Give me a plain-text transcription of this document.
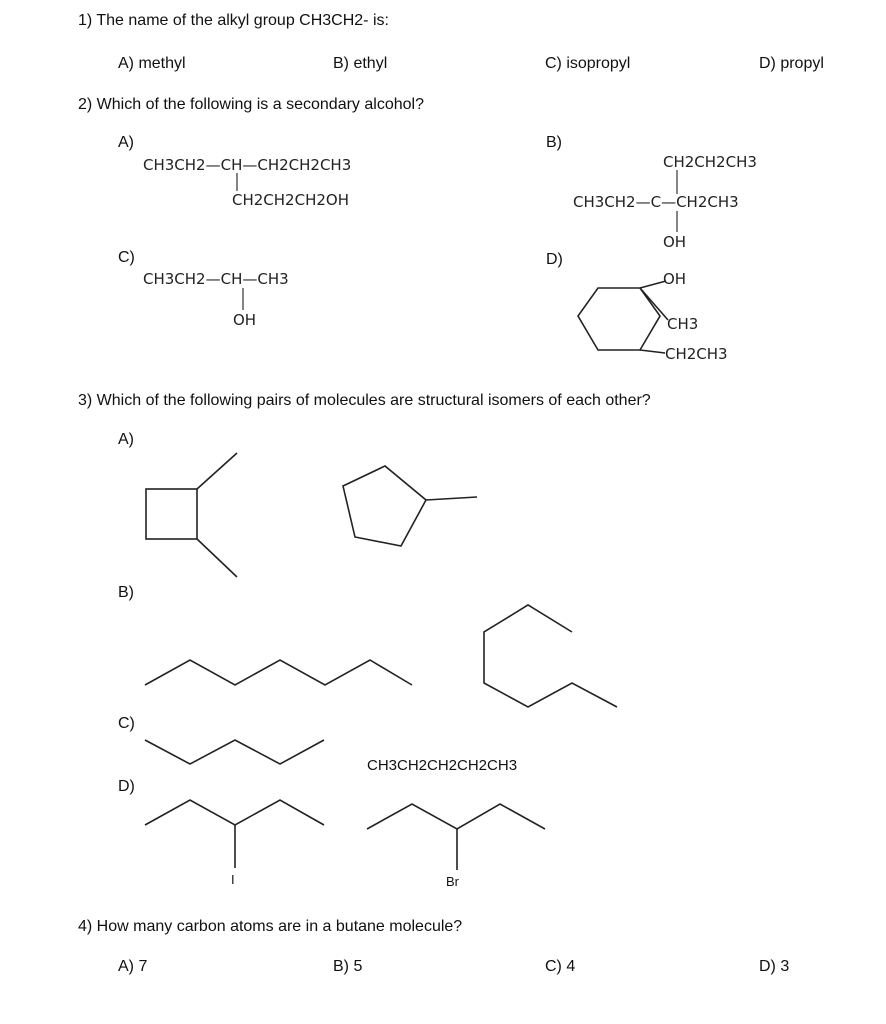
1) The name of the alkyl group CH3CH2- is:
A) methyl	B) ethyl	C) isopropyl	D) propyl
2) Which of the following is a secondary alcohol?
A)	B)
C)	D)
CH3CH2—CH—CH2CH2CH3
CH2CH2CH2OH
CH2CH2CH3
CH3CH2—C—CH2CH3
OH
CH3CH2—CH—CH3
OH
OH
CH3
CH2CH3
3) Which of the following pairs of molecules are structural isomers of each other?
A)
B)
C)
D)
CH3CH2CH2CH2CH3
I	Br
4) How many carbon atoms are in a butane molecule?
A) 7	B) 5	C) 4	D) 3
